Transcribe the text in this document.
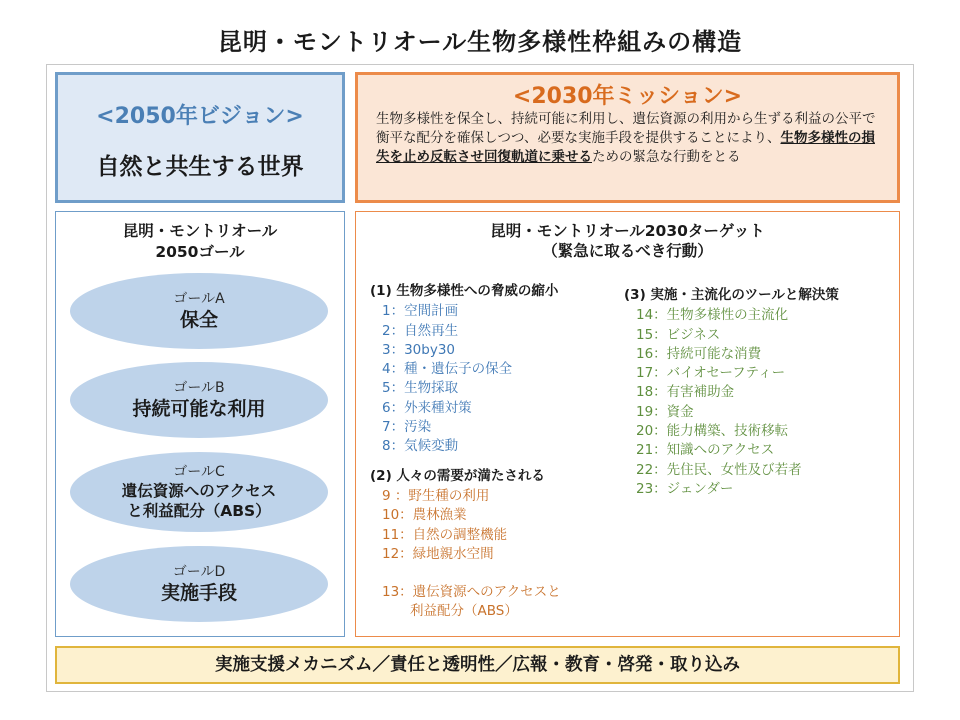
昆明・モントリオール生物多様性枠組みの構造
<2050年ビジョン>
自然と共生する世界
<2030年ミッション>
生物多様性を保全し、持続可能に利用し、遺伝資源の利用から生ずる利益の公平で衡平な配分を確保しつつ、必要な実施手段を提供することにより、生物多様性の損失を止め反転させ回復軌道に乗せるための緊急な行動をとる
昆明・モントリオール
2050ゴール
ゴールA
保全
ゴールB
持続可能な利用
ゴールC
遺伝資源へのアクセス
と利益配分（ABS）
ゴールD
実施手段
昆明・モントリオール2030ターゲット
（緊急に取るべき行動）
(1) 生物多様性への脅威の縮小
1：空間計画
2：自然再生
3：30by30
4：種・遺伝子の保全
5：生物採取
6：外来種対策
7：汚染
8：気候変動
(2) 人々の需要が満たされる
9 ：野生種の利用
10：農林漁業
11：自然の調整機能
12：緑地親水空間
13：遺伝資源へのアクセスと
利益配分（ABS）
(3) 実施・主流化のツールと解決策
14：生物多様性の主流化
15：ビジネス
16：持続可能な消費
17：バイオセーフティー
18：有害補助金
19：資金
20：能力構築、技術移転
21：知識へのアクセス
22：先住民、女性及び若者
23：ジェンダー
実施支援メカニズム／責任と透明性／広報・教育・啓発・取り込み
